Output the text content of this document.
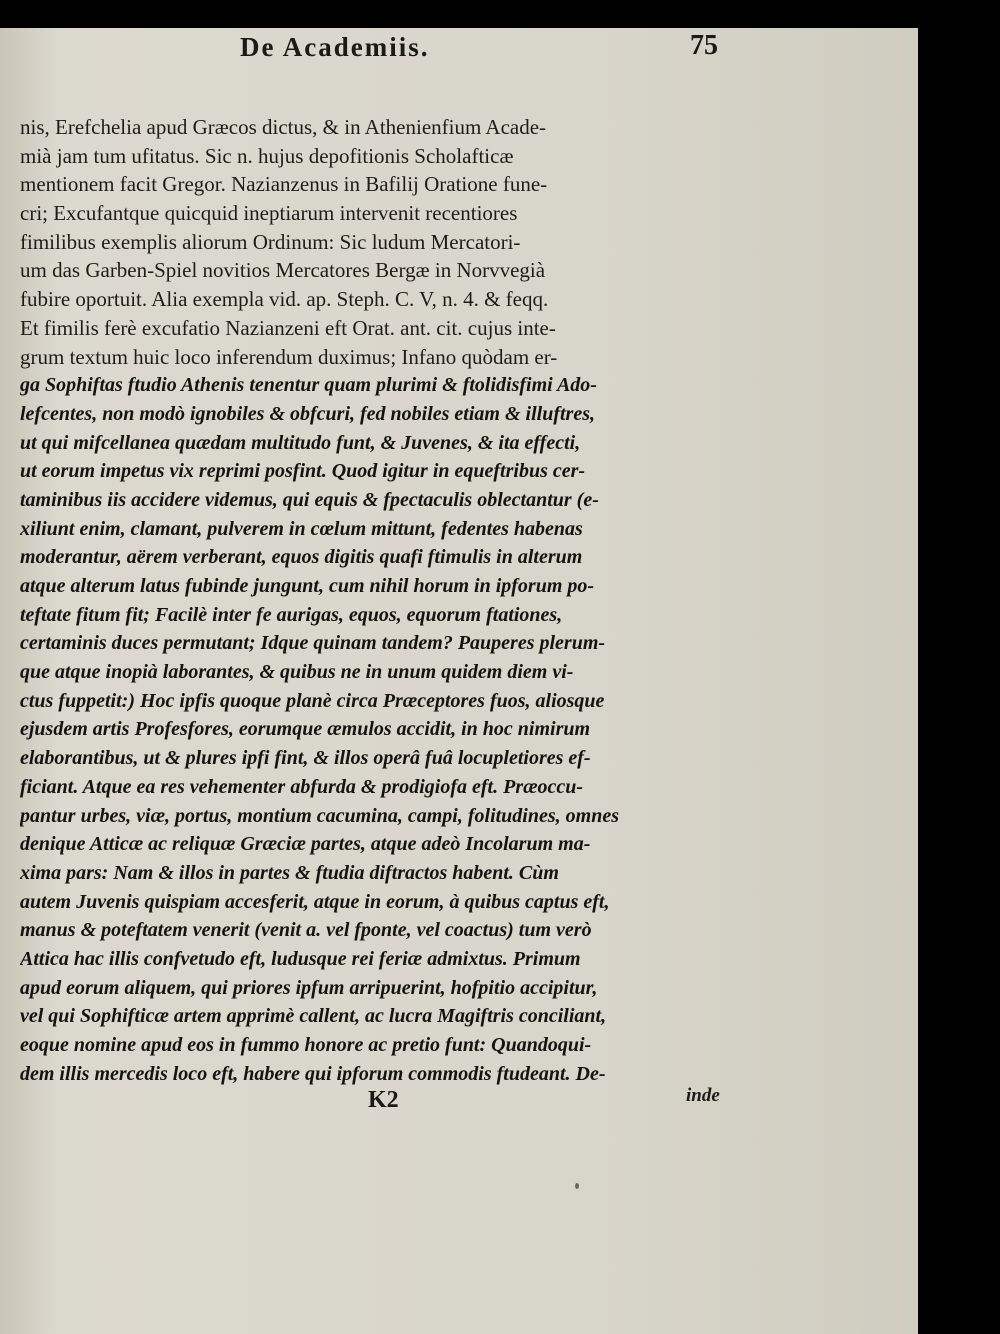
De Academiis.	75
nis, Erefchelia apud Græcos dictus, & in Athenienfium Acade-
mià jam tum ufitatus. Sic n. hujus depofitionis Scholafticæ
mentionem facit Gregor. Nazianzenus in Bafilij Oratione fune-
cri; Excufantque quicquid ineptiarum intervenit recentiores
fimilibus exemplis aliorum Ordinum: Sic ludum Mercatori-
um das Garben-Spiel novitios Mercatores Bergæ in Norvvegià
fubire oportuit. Alia exempla vid. ap. Steph. C. V, n. 4. & feqq.
Et fimilis ferè excufatio Nazianzeni eft Orat. ant. cit. cujus inte-
grum textum huic loco inferendum duximus; Infano quòdam er-
ga Sophiftas ftudio Athenis tenentur quam plurimi & ftolidisfimi Ado-
lefcentes, non modò ignobiles & obfcuri, fed nobiles etiam & illuftres,
ut qui mifcellanea quædam multitudo funt, & Juvenes, & ita effecti,
ut eorum impetus vix reprimi posfint. Quod igitur in equeftribus cer-
taminibus iis accidere videmus, qui equis & fpectaculis oblectantur (e-
xiliunt enim, clamant, pulverem in cœlum mittunt, fedentes habenas
moderantur, aërem verberant, equos digitis quafi ftimulis in alterum
atque alterum latus fubinde jungunt, cum nihil horum in ipforum po-
teftate fitum fit; Facilè inter fe aurigas, equos, equorum ftationes,
certaminis duces permutant; Idque quinam tandem? Pauperes plerum-
que atque inopià laborantes, & quibus ne in unum quidem diem vi-
ctus fuppetit:) Hoc ipfis quoque planè circa Præceptores fuos, aliosque
ejusdem artis Profesfores, eorumque æmulos accidit, in hoc nimirum
elaborantibus, ut & plures ipfi fint, & illos operâ fuâ locupletiores ef-
ficiant. Atque ea res vehementer abfurda & prodigiofa eft. Præoccu-
pantur urbes, viæ, portus, montium cacumina, campi, folitudines, omnes
denique Atticæ ac reliquæ Græciæ partes, atque adeò Incolarum ma-
xima pars: Nam & illos in partes & ftudia diftractos habent. Cùm
autem Juvenis quispiam accesferit, atque in eorum, à quibus captus eft,
manus & poteftatem venerit (venit a. vel fponte, vel coactus) tum verò
Attica hac illis confvetudo eft, ludusque rei feriæ admixtus. Primum
apud eorum aliquem, qui priores ipfum arripuerint, hofpitio accipitur,
vel qui Sophifticæ artem apprimè callent, ac lucra Magiftris conciliant,
eoque nomine apud eos in fummo honore ac pretio funt: Quandoqui-
dem illis mercedis loco eft, habere qui ipforum commodis ftudeant. De-
K2	inde
